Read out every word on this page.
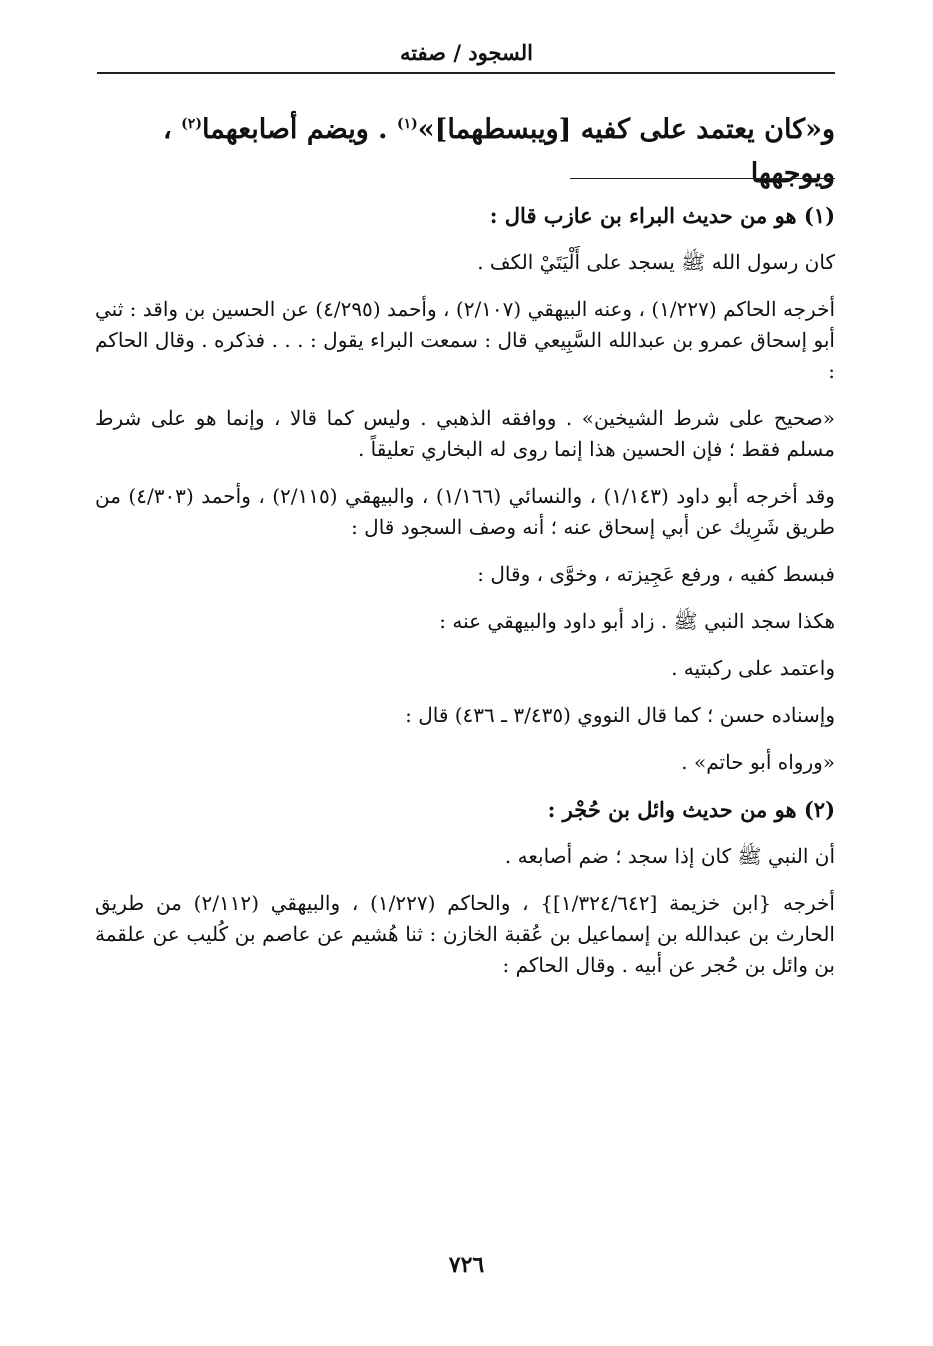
السجود / صفته
و«كان يعتمد على كفيه [ويبسطهما]»$^{(١)}$ . ويضم أصابعهما$^{(٢)}$ ، ويوجهها

(١) هو من حديث البراء بن عازب قال :

كان رسول الله ﷺ يسجد على أَلْيَتَيْ الكف .

أخرجه الحاكم (١/٢٢٧) ، وعنه البيهقي (٢/١٠٧) ، وأحمد (٤/٢٩٥) عن الحسين بن واقد : ثني أبو إسحاق عمرو بن عبدالله السَّبِيعي قال : سمعت البراء يقول : . . . فذكره . وقال الحاكم :

«صحيح على شرط الشيخين» . ووافقه الذهبي . وليس كما قالا ، وإنما هو على شرط مسلم فقط ؛ فإن الحسين هذا إنما روى له البخاري تعليقاً .

وقد أخرجه أبو داود (١/١٤٣) ، والنسائي (١/١٦٦) ، والبيهقي (٢/١١٥) ، وأحمد (٤/٣٠٣) من طريق شَرِيك عن أبي إسحاق عنه ؛ أنه وصف السجود قال :

فبسط كفيه ، ورفع عَجِيزته ، وخوَّى ، وقال :

هكذا سجد النبي ﷺ . زاد أبو داود والبيهقي عنه :

واعتمد على ركبتيه .

وإسناده حسن ؛ كما قال النووي (٣/٤٣٥ ـ ٤٣٦) قال :

«ورواه أبو حاتم» .

(٢) هو من حديث وائل بن حُجْر :

أن النبي ﷺ كان إذا سجد ؛ ضم أصابعه .

أخرجه {ابن خزيمة [١/٣٢٤/٦٤٢]} ، والحاكم (١/٢٢٧) ، والبيهقي (٢/١١٢) من طريق الحارث بن عبدالله بن إسماعيل بن عُقبة الخازن : ثنا هُشيم عن عاصم بن كُليب عن علقمة بن وائل بن حُجر عن أبيه . وقال الحاكم :

٧٢٦
